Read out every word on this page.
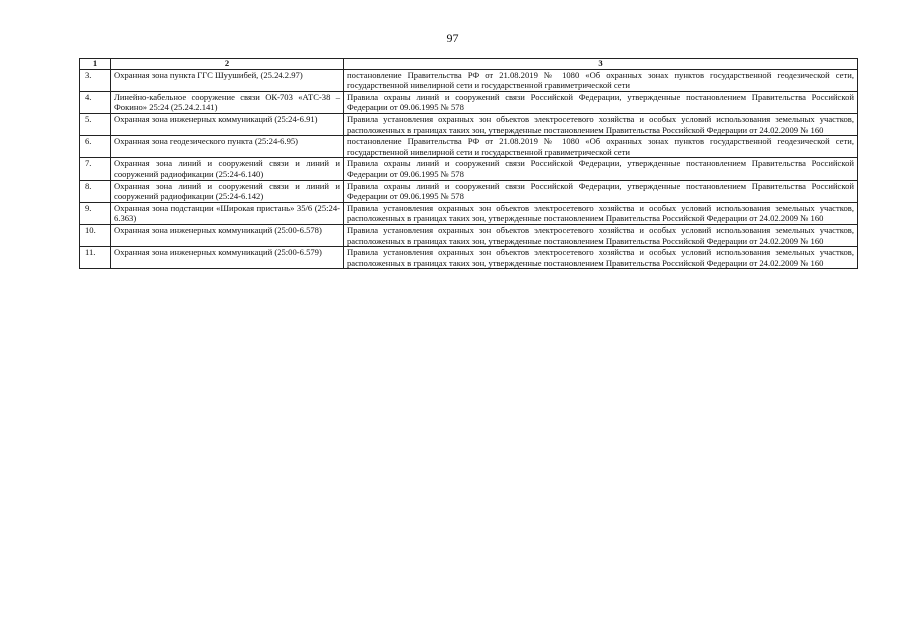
97
1	2	3
3.	Охранная зона пункта ГГС Шуушибей, (25.24.2.97)	постановление Правительства РФ от 21.08.2019 № 1080 «Об охранных зонах пунктов государственной геодезической сети, государственной нивелирной сети и государственной гравиметрической сети
4.	Линейно-кабельное сооружение связи ОК-703 «АТС-38 – Фокино» 25:24 (25.24.2.141)	Правила охраны линий и сооружений связи Российской Федерации, утвержденные постановлением Правительства Российской Федерации от 09.06.1995 № 578
5.	Охранная зона инженерных коммуникаций (25:24-6.91)	Правила установления охранных зон объектов электросетевого хозяйства и особых условий использования земельных участков, расположенных в границах таких зон, утвержденные постановлением Правительства Российской Федерации от 24.02.2009 № 160
6.	Охранная зона геодезического пункта (25:24-6.95)	постановление Правительства РФ от 21.08.2019 № 1080 «Об охранных зонах пунктов государственной геодезической сети, государственной нивелирной сети и государственной гравиметрической сети
7.	Охранная зона линий и сооружений связи и линий и сооружений радиофикации (25:24-6.140)	Правила охраны линий и сооружений связи Российской Федерации, утвержденные постановлением Правительства Российской Федерации от 09.06.1995 № 578
8.	Охранная зона линий и сооружений связи и линий и сооружений радиофикации (25:24-6.142)	Правила охраны линий и сооружений связи Российской Федерации, утвержденные постановлением Правительства Российской Федерации от 09.06.1995 № 578
9.	Охранная зона подстанции «Широкая пристань» 35/6 (25:24-6.363)	Правила установления охранных зон объектов электросетевого хозяйства и особых условий использования земельных участков, расположенных в границах таких зон, утвержденные постановлением Правительства Российской Федерации от 24.02.2009 № 160
10.	Охранная зона инженерных коммуникаций (25:00-6.578)	Правила установления охранных зон объектов электросетевого хозяйства и особых условий использования земельных участков, расположенных в границах таких зон, утвержденные постановлением Правительства Российской Федерации от 24.02.2009 № 160
11.	Охранная зона инженерных коммуникаций (25:00-6.579)	Правила установления охранных зон объектов электросетевого хозяйства и особых условий использования земельных участков, расположенных в границах таких зон, утвержденные постановлением Правительства Российской Федерации от 24.02.2009 № 160
